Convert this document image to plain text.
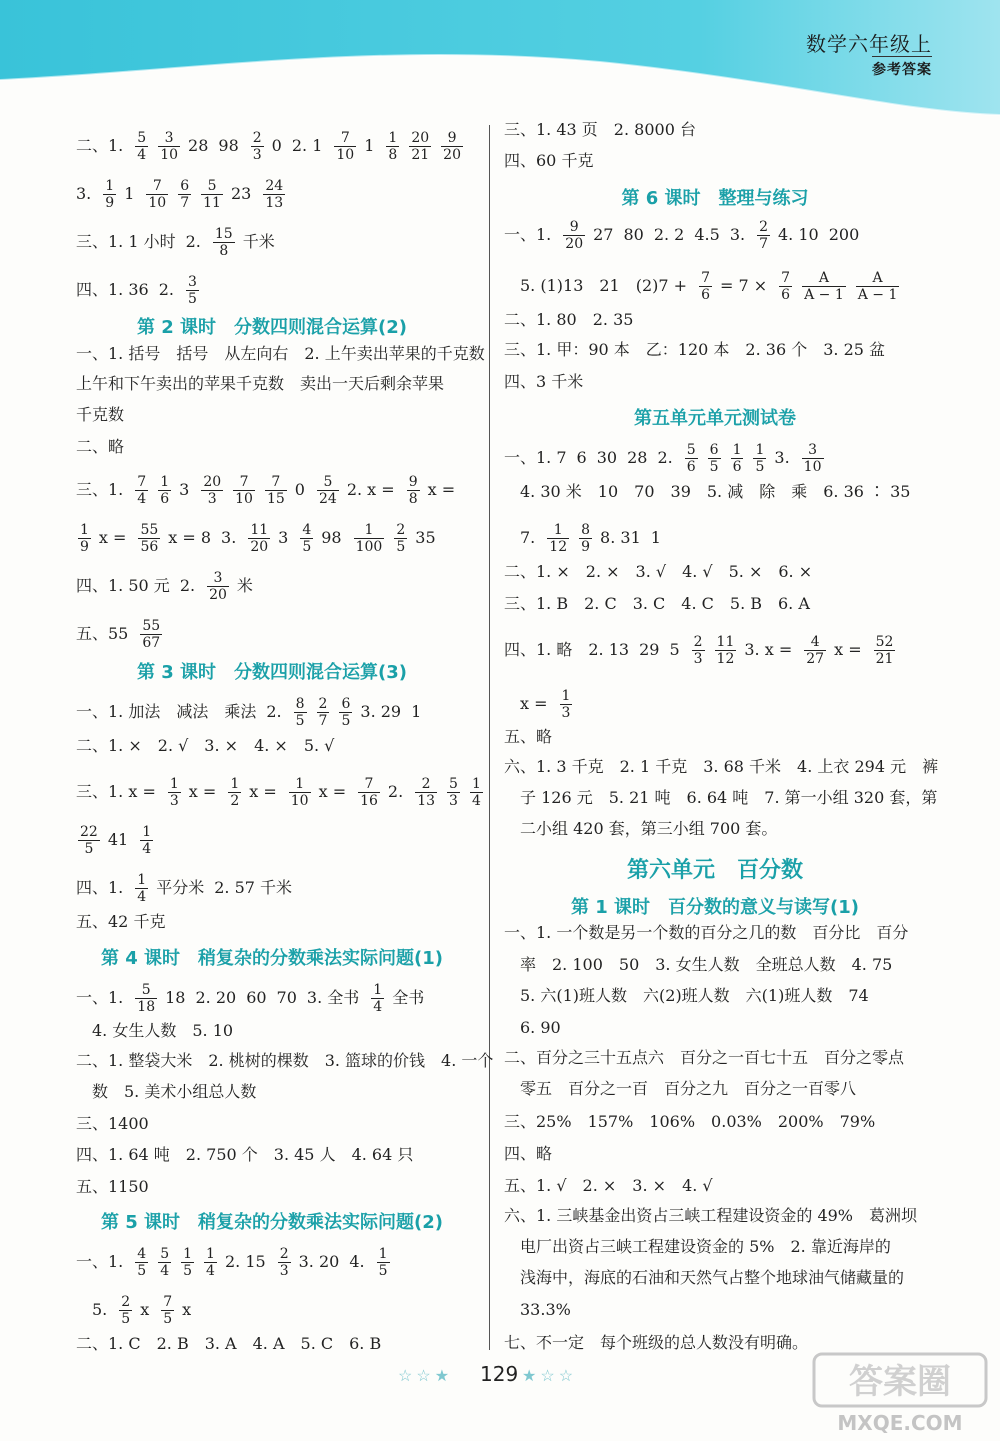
数学六年级上
参考答案
二、1. $\frac{5}{4} \frac{3}{10} 28$ $98 \frac{2}{3} 0$ 2. $1 \frac{7}{10} 1 \frac{1}{8} \frac{20}{21} \frac{9}{20}$
3. $\frac{1}{9} 1 \frac{7}{10} \frac{6}{7} \frac{5}{11} 23 \frac{24}{13}$
三、1. 1 小时 2. $\frac{15}{8}$ 千米
四、1. 36 2. $\frac{3}{5}$
第 2 课时　分数四则混合运算(2)
一、1. 括号　括号　从左向右　2. 上午卖出苹果的千克数
上午和下午卖出的苹果千克数　卖出一天后剩余苹果
千克数
二、略
三、1. $\frac{7}{4} \frac{1}{6} 3 \frac{20}{3} \frac{7}{10} \frac{7}{15} 0 \frac{5}{24} 2$. $x = \frac{9}{8}$ x =
$\frac{1}{9}$ $x = \frac{55}{56}$ x = 8 3. $\frac{11}{20} 3 \frac{4}{5} 98 \frac{1}{100} \frac{2}{5} 35$
四、1. 50 元 2. $\frac{3}{20}$ 米
五、$55 \frac{55}{67}$
第 3 课时　分数四则混合运算(3)
一、1. 加法　减法　乘法 2. $\frac{8}{5} \frac{2}{7} \frac{6}{5} 3$. 29 1
二、1. ×　2. √　3. ×　4. ×　5. √
三、1. $x = \frac{1}{3}$ $x = \frac{1}{2}$ $x = \frac{1}{10}$ $x = \frac{7}{16} 2$. $\frac{2}{13} \frac{5}{3} \frac{1}{4}$
$\frac{22}{5} 41 \frac{1}{4}$
四、1. $\frac{1}{4}$ 平分米 2. 57 千米
五、42 千克
第 4 课时　稍复杂的分数乘法实际问题(1)
一、1. $\frac{5}{18} 18$ 2. 20 60 70 3. 全书 $\frac{1}{4}$ 全书
　4. 女生人数　5. 10
二、1. 整袋大米　2. 桃树的棵数　3. 篮球的价钱　4. 一个
　数　5. 美术小组总人数
三、1400
四、1. 64 吨　2. 750 个　3. 45 人　4. 64 只
五、1150
第 5 课时　稍复杂的分数乘法实际问题(2)
一、1. $\frac{4}{5} \frac{5}{4} \frac{1}{5} \frac{1}{4} 2$. $15 \frac{2}{3} 3$. 20 4. $\frac{1}{5}$
　5. $\frac{2}{5}$ x $\frac{7}{5}$ x
二、1. C　2. B　3. A　4. A　5. C　6. B
三、1. 43 页　2. 8000 台
四、60 千克
第 6 课时　整理与练习
一、1. $\frac{9}{20} 27$ 80 2. 2 4.5 3. $\frac{2}{7} 4$. 10 200
　5. (1)13　21　$(2)7 + \frac{7}{6} = 7 \times \frac{7}{6} \frac{A}{A - 1} \frac{A}{A - 1}$
二、1. 80　2. 35
三、1. 甲：90 本　乙：120 本　2. 36 个　3. 25 盆
四、3 千米
第五单元单元测试卷
一、1. 7 6 30 28 2. $\frac{5}{6} \frac{6}{5} \frac{1}{6} \frac{1}{5} 3$. $\frac{3}{10}$
　4. 30 米　10　70　39　5. 减　除　乘　6. 36 ∶ 35
　7. $\frac{1}{12} \frac{8}{9} 8$. 31 1
二、1. ×　2. ×　3. √　4. √　5. ×　6. ×
三、1. B　2. C　3. C　4. C　5. B　6. A
四、1. 略　2. 13 29 $5 \frac{2}{3} \frac{11}{12} 3$. $x = \frac{4}{27}$ $x = \frac{52}{21}$
　$x = \frac{1}{3}$
五、略
六、1. 3 千克　2. 1 千克　3. 68 千米　4. 上衣 294 元　裤
　子 126 元　5. 21 吨　6. 64 吨　7. 第一小组 320 套，第
　二小组 420 套，第三小组 700 套。
第六单元　百分数
第 1 课时　百分数的意义与读写(1)
一、1. 一个数是另一个数的百分之几的数　百分比　百分
　率　2. 100　50　3. 女生人数　全班总人数　4. 75
　5. 六(1)班人数　六(2)班人数　六(1)班人数　74
　6. 90
二、百分之三十五点六　百分之一百七十五　百分之零点
　零五　百分之一百　百分之九　百分之一百零八
三、25%　157%　106%　0.03%　200%　79%
四、略
五、1. √　2. ×　3. ×　4. √
六、1. 三峡基金出资占三峡工程建设资金的 49%　葛洲坝
　电厂出资占三峡工程建设资金的 5%　2. 靠近海岸的
　浅海中，海底的石油和天然气占整个地球油气储藏量的
　33.3%
七、不一定　每个班级的总人数没有明确。
☆☆★ 129 ★☆☆	答案圈
MXQE.COM
